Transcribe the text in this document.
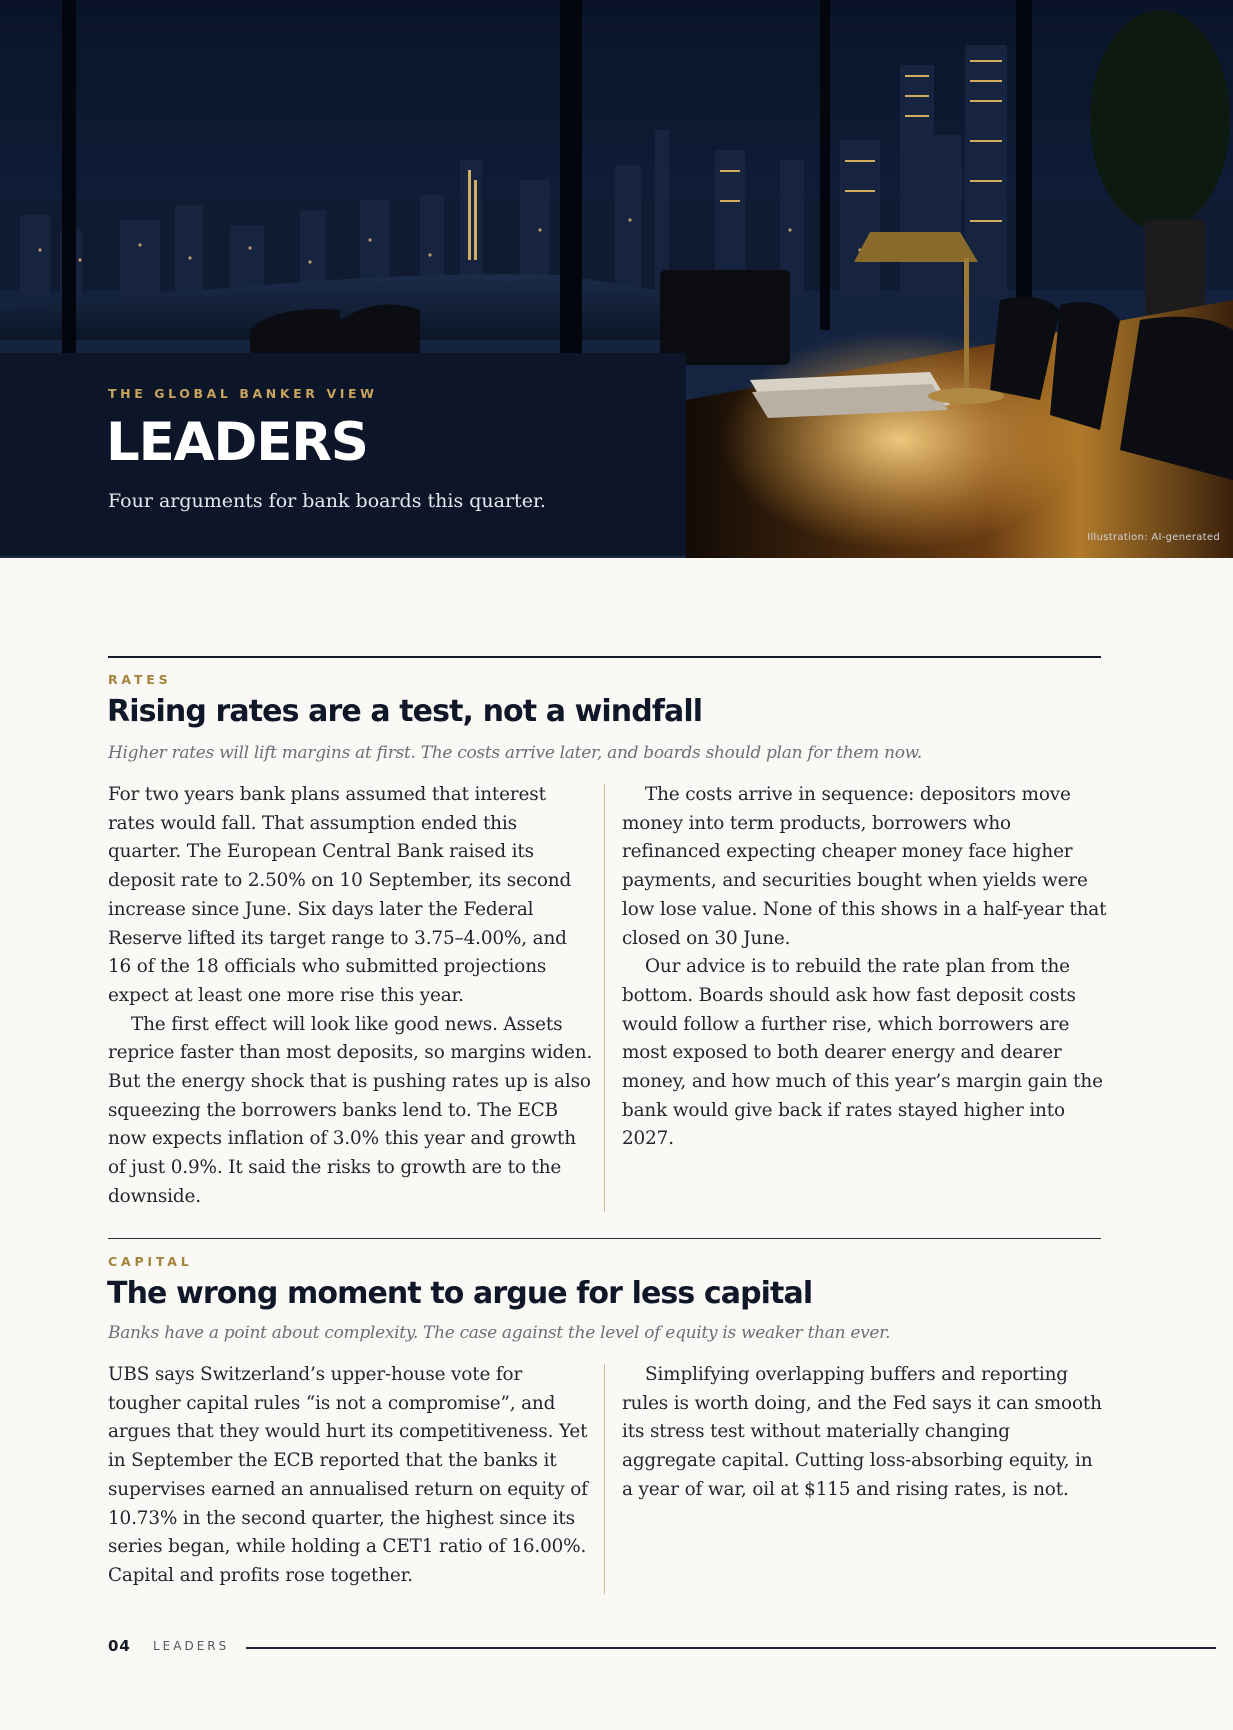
THE GLOBAL BANKER VIEW
LEADERS
Four arguments for bank boards this quarter.
Illustration: AI-generated
RATES
Rising rates are a test, not a windfall
Higher rates will lift margins at first. The costs arrive later, and boards should plan for them now.

For two years bank plans assumed that interest rates would fall. That assumption ended this quarter. The European Central Bank raised its deposit rate to 2.50% on 10 September, its second increase since June. Six days later the Federal Reserve lifted its target range to 3.75–4.00%, and 16 of the 18 officials who submitted projections expect at least one more rise this year.

The first effect will look like good news. Assets reprice faster than most deposits, so margins widen. But the energy shock that is pushing rates up is also squeezing the borrowers banks lend to. The ECB now expects inflation of 3.0% this year and growth of just 0.9%. It said the risks to growth are to the downside.

The costs arrive in sequence: depositors move money into term products, borrowers who refinanced expecting cheaper money face higher payments, and securities bought when yields were low lose value. None of this shows in a half-year that closed on 30 June.

Our advice is to rebuild the rate plan from the bottom. Boards should ask how fast deposit costs would follow a further rise, which borrowers are most exposed to both dearer energy and dearer money, and how much of this year’s margin gain the bank would give back if rates stayed higher into 2027.

CAPITAL
The wrong moment to argue for less capital
Banks have a point about complexity. The case against the level of equity is weaker than ever.

UBS says Switzerland’s upper-house vote for tougher capital rules “is not a compromise”, and argues that they would hurt its competitiveness. Yet in September the ECB reported that the banks it supervises earned an annualised return on equity of 10.73% in the second quarter, the highest since its series began, while holding a CET1 ratio of 16.00%. Capital and profits rose together.

Simplifying overlapping buffers and reporting rules is worth doing, and the Fed says it can smooth its stress test without materially changing aggregate capital. Cutting loss-absorbing equity, in a year of war, oil at $115 and rising rates, is not.

04 LEADERS
